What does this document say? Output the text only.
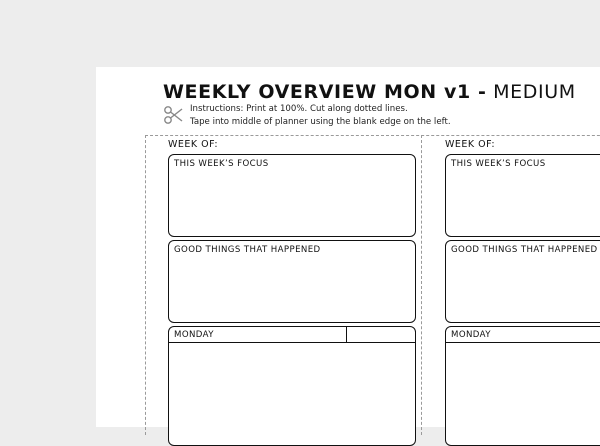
WEEKLY OVERVIEW MON v1 - MEDIUM
Instructions: Print at 100%. Cut along dotted lines.
Tape into middle of planner using the blank edge on the left.
WEEK OF:
THIS WEEK’S FOCUS
GOOD THINGS THAT HAPPENED
MONDAY
WEEK OF:
THIS WEEK’S FOCUS
GOOD THINGS THAT HAPPENED
MONDAY
